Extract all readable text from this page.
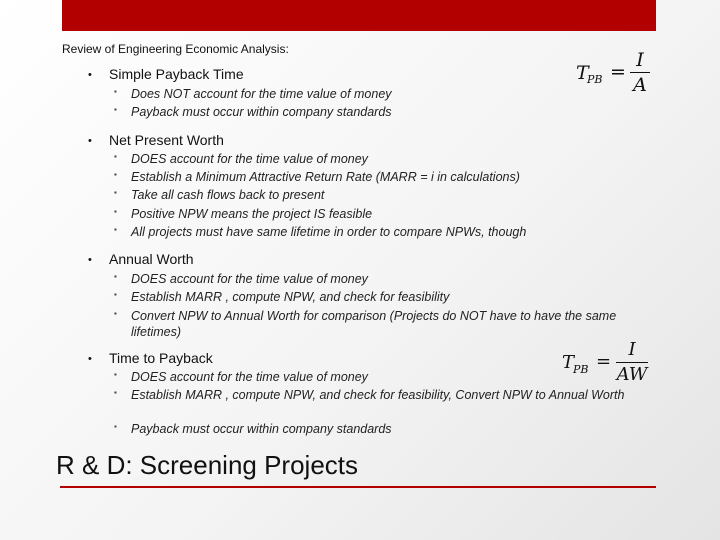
Review of Engineering Economic Analysis:
• Simple Payback Time
▪ Does NOT account for the time value of money
▪ Payback must occur within company standards
T
PB =
I
A
• Net Present Worth
▪ DOES account for the time value of money
▪ Establish a Minimum Attractive Return Rate (MARR = i in calculations)
▪ Take all cash flows back to present
▪ Positive NPW means the project IS feasible
▪ All projects must have same lifetime in order to compare NPWs, though
• Annual Worth
▪ DOES account for the time value of money
▪ Establish MARR , compute NPW, and check for feasibility
▪ Convert NPW to Annual Worth for comparison (Projects do NOT have to have the same lifetimes)
• Time to Payback
▪ DOES account for the time value of money
▪ Establish MARR , compute NPW, and check for feasibility, Convert NPW to Annual Worth
▪ Payback must occur within company standards
T
PB =
I
AW
R & D: Screening Projects
